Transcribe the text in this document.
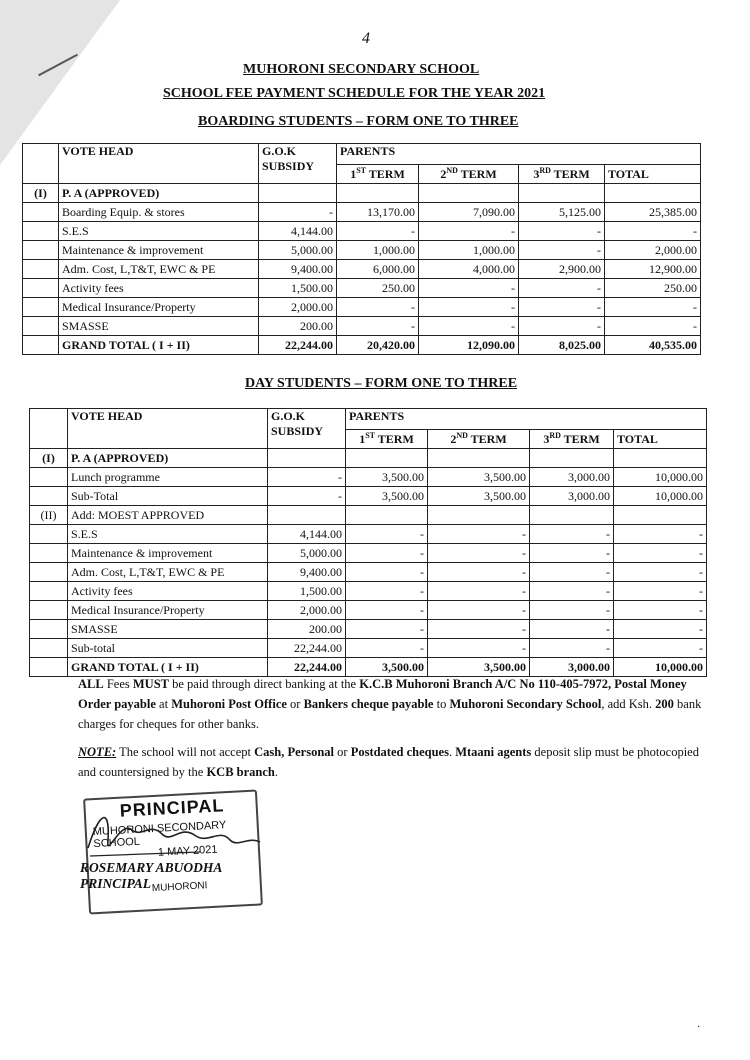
4
MUHORONI SECONDARY SCHOOL
SCHOOL FEE PAYMENT SCHEDULE FOR THE YEAR 2021
BOARDING STUDENTS – FORM ONE TO THREE
	VOTE HEAD	G.O.K SUBSIDY	PARENTS			
			1ST TERM	2ND TERM	3RD TERM	TOTAL
(I)	P. A (APPROVED)					
	Boarding Equip. & stores	-	13,170.00	7,090.00	5,125.00	25,385.00
	S.E.S	4,144.00	-	-	-	-
	Maintenance & improvement	5,000.00	1,000.00	1,000.00	-	2,000.00
	Adm. Cost, L,T&T, EWC & PE	9,400.00	6,000.00	4,000.00	2,900.00	12,900.00
	Activity fees	1,500.00	250.00	-	-	250.00
	Medical Insurance/Property	2,000.00	-	-	-	-
	SMASSE	200.00	-	-	-	-
	GRAND TOTAL ( I + II)	22,244.00	20,420.00	12,090.00	8,025.00	40,535.00
DAY STUDENTS – FORM ONE TO THREE
	VOTE HEAD	G.O.K SUBSIDY	PARENTS			
			1ST TERM	2ND TERM	3RD TERM	TOTAL
(I)	P. A (APPROVED)					
	Lunch programme	-	3,500.00	3,500.00	3,000.00	10,000.00
	Sub-Total	-	3,500.00	3,500.00	3,000.00	10,000.00
(II)	Add: MOEST APPROVED					
	S.E.S	4,144.00	-	-	-	-
	Maintenance & improvement	5,000.00	-	-	-	-
	Adm. Cost, L,T&T, EWC & PE	9,400.00	-	-	-	-
	Activity fees	1,500.00	-	-	-	-
	Medical Insurance/Property	2,000.00	-	-	-	-
	SMASSE	200.00	-	-	-	-
	Sub-total	22,244.00	-	-	-	-
	GRAND TOTAL ( I + II)	22,244.00	3,500.00	3,500.00	3,000.00	10,000.00
ALL Fees MUST be paid through direct banking at the K.C.B Muhoroni Branch A/C No 110-405-7972, Postal Money Order payable at Muhoroni Post Office or Bankers cheque payable to Muhoroni Secondary School, add Ksh. 200 bank charges for cheques for other banks.
NOTE: The school will not accept Cash, Personal or Postdated cheques. Mtaani agents deposit slip must be photocopied and countersigned by the KCB branch.
PRINCIPAL
MUHORONI SECONDARY SCHOOL
1 MAY 2021
MUHORONI
ROSEMARY ABUODHA
PRINCIPAL
·
